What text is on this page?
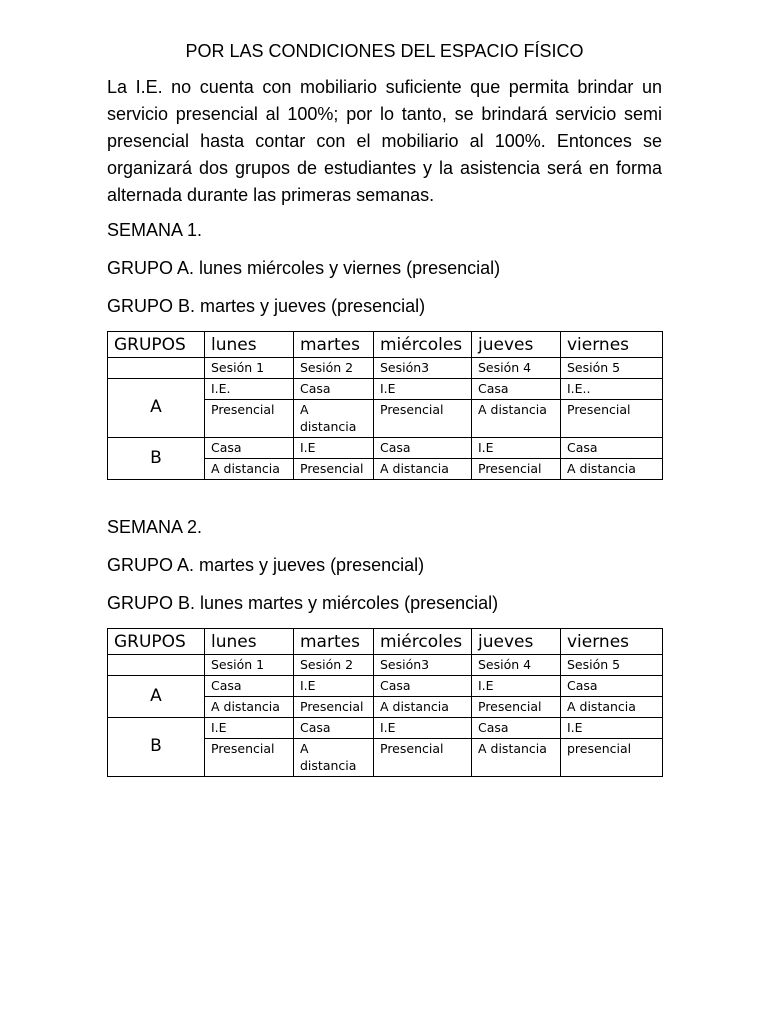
POR LAS CONDICIONES DEL ESPACIO FÍSICO

La I.E. no cuenta con mobiliario suficiente que permita brindar un servicio presencial al 100%; por lo tanto, se brindará servicio semi presencial hasta contar con el mobiliario al 100%. Entonces se organizará dos grupos de estudiantes y la asistencia será en forma alternada durante las primeras semanas.

SEMANA 1.

GRUPO A. lunes miércoles y viernes (presencial)

GRUPO B. martes y jueves (presencial)

GRUPOS	lunes	martes	miércoles	jueves	viernes
	Sesión 1	Sesión 2	Sesión3	Sesión 4	Sesión 5
A	I.E.	Casa	I.E	Casa	I.E..
	Presencial	A distancia	Presencial	A distancia	Presencial
B	Casa	I.E	Casa	I.E	Casa
	A distancia	Presencial	A distancia	Presencial	A distancia

SEMANA 2.

GRUPO A. martes y jueves (presencial)

GRUPO B. lunes martes y miércoles (presencial)

GRUPOS	lunes	martes	miércoles	jueves	viernes
	Sesión 1	Sesión 2	Sesión3	Sesión 4	Sesión 5
A	Casa	I.E	Casa	I.E	Casa
	A distancia	Presencial	A distancia	Presencial	A distancia
B	I.E	Casa	I.E	Casa	I.E
	Presencial	A distancia	Presencial	A distancia	presencial
